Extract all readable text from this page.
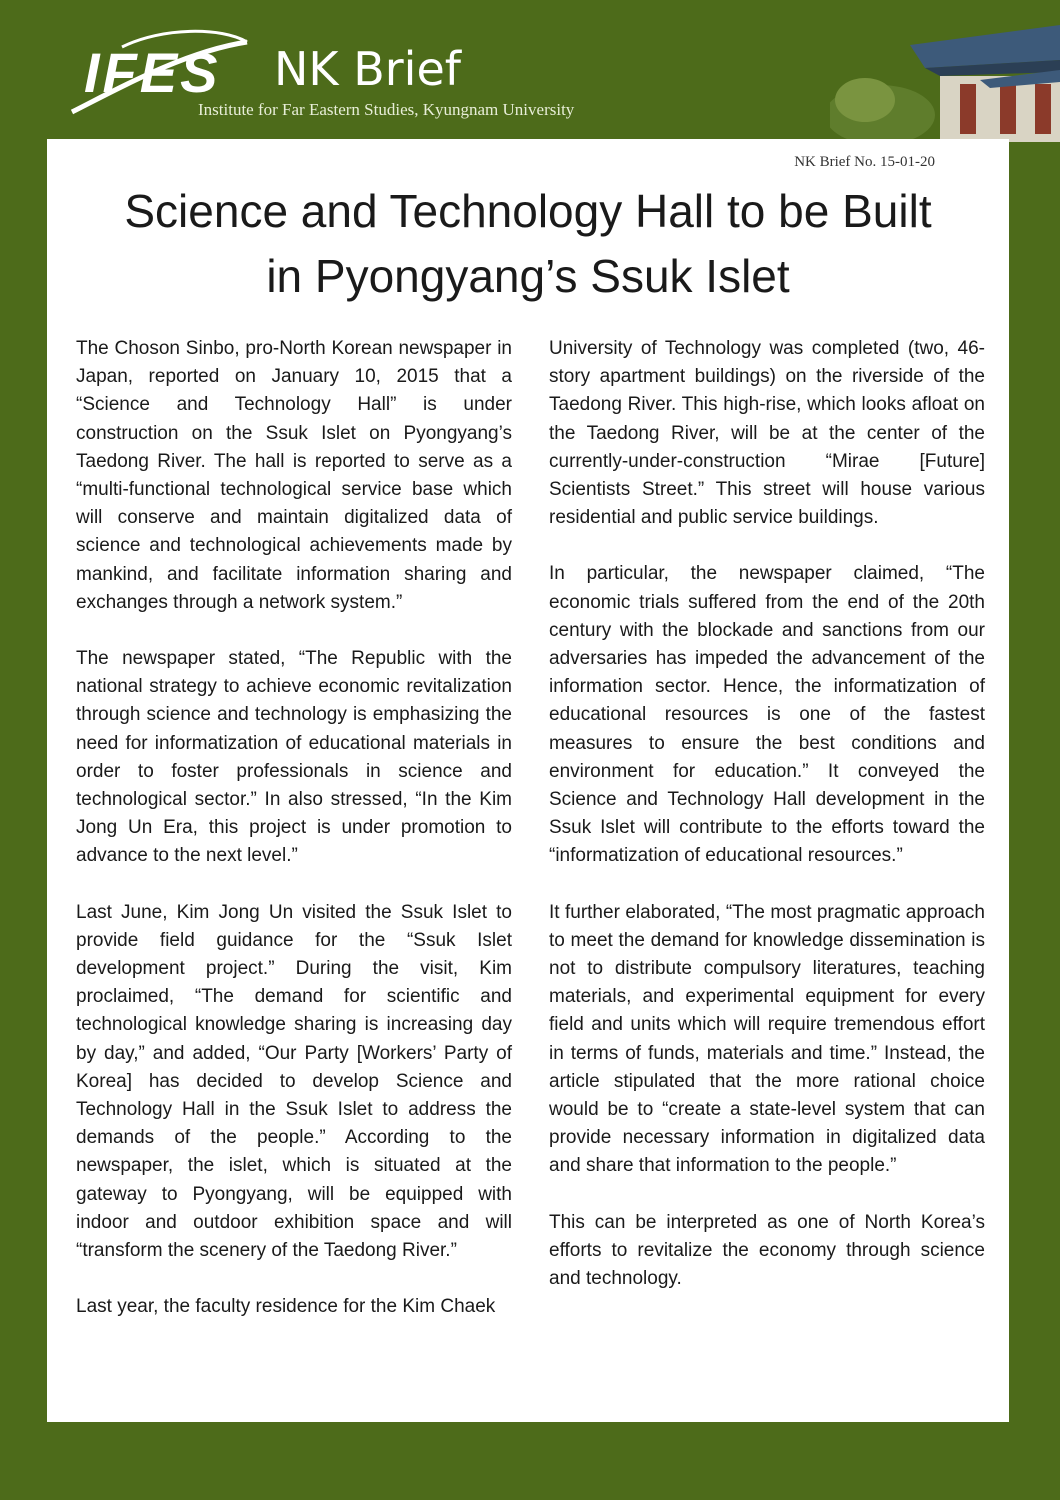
IFES NK Brief
Institute for Far Eastern Studies, Kyungnam University
NK Brief No. 15-01-20
Science and Technology Hall to be Built
in Pyongyang’s Ssuk Islet

The Choson Sinbo, pro-North Korean newspaper in Japan, reported on January 10, 2015 that a “Science and Technology Hall” is under construction on the Ssuk Islet on Pyongyang’s Taedong River. The hall is reported to serve as a “multi-functional technological service base which will conserve and maintain digitalized data of science and technological achievements made by mankind, and facilitate information sharing and exchanges through a network system.”

The newspaper stated, “The Republic with the national strategy to achieve economic revitalization through science and technology is emphasizing the need for informatization of educational materials in order to foster professionals in science and technological sector.” In also stressed, “In the Kim Jong Un Era, this project is under promotion to advance to the next level.”

Last June, Kim Jong Un visited the Ssuk Islet to provide field guidance for the “Ssuk Islet development project.” During the visit, Kim proclaimed, “The demand for scientific and technological knowledge sharing is increasing day by day,” and added, “Our Party [Workers’ Party of Korea] has decided to develop Science and Technology Hall in the Ssuk Islet to address the demands of the people.” According to the newspaper, the islet, which is situated at the gateway to Pyongyang, will be equipped with indoor and outdoor exhibition space and will “transform the scenery of the Taedong River.”

Last year, the faculty residence for the Kim Chaek

University of Technology was completed (two, 46-story apartment buildings) on the riverside of the Taedong River. This high-rise, which looks afloat on the Taedong River, will be at the center of the currently-under-construction “Mirae [Future] Scientists Street.” This street will house various residential and public service buildings.

In particular, the newspaper claimed, “The economic trials suffered from the end of the 20th century with the blockade and sanctions from our adversaries has impeded the advancement of the information sector. Hence, the informatization of educational resources is one of the fastest measures to ensure the best conditions and environment for education.” It conveyed the Science and Technology Hall development in the Ssuk Islet will contribute to the efforts toward the “informatization of educational resources.”

It further elaborated, “The most pragmatic approach to meet the demand for knowledge dissemination is not to distribute compulsory literatures, teaching materials, and experimental equipment for every field and units which will require tremendous effort in terms of funds, materials and time.” Instead, the article stipulated that the more rational choice would be to “create a state-level system that can provide necessary information in digitalized data and share that information to the people.”

This can be interpreted as one of North Korea’s efforts to revitalize the economy through science and technology.
